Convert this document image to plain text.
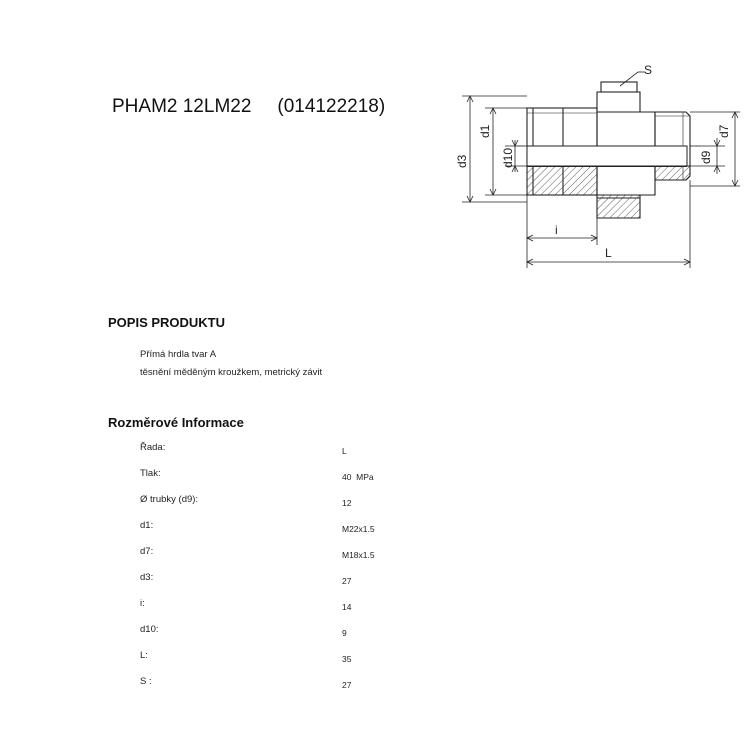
PHAM2 12LM22 (014122218)
S
d3
d1
d10	d9
d7
i
L
POPIS PRODUKTU
Přímá hrdla tvar A
těsnění měděným kroužkem, metrický závit
Rozměrové Informace
Řada:	L
Tlak:	40  MPa
Ø trubky (d9):	12
d1:	M22x1.5
d7:	M18x1.5
d3:	27
i:	14
d10:	9
L:	35
S :	27
